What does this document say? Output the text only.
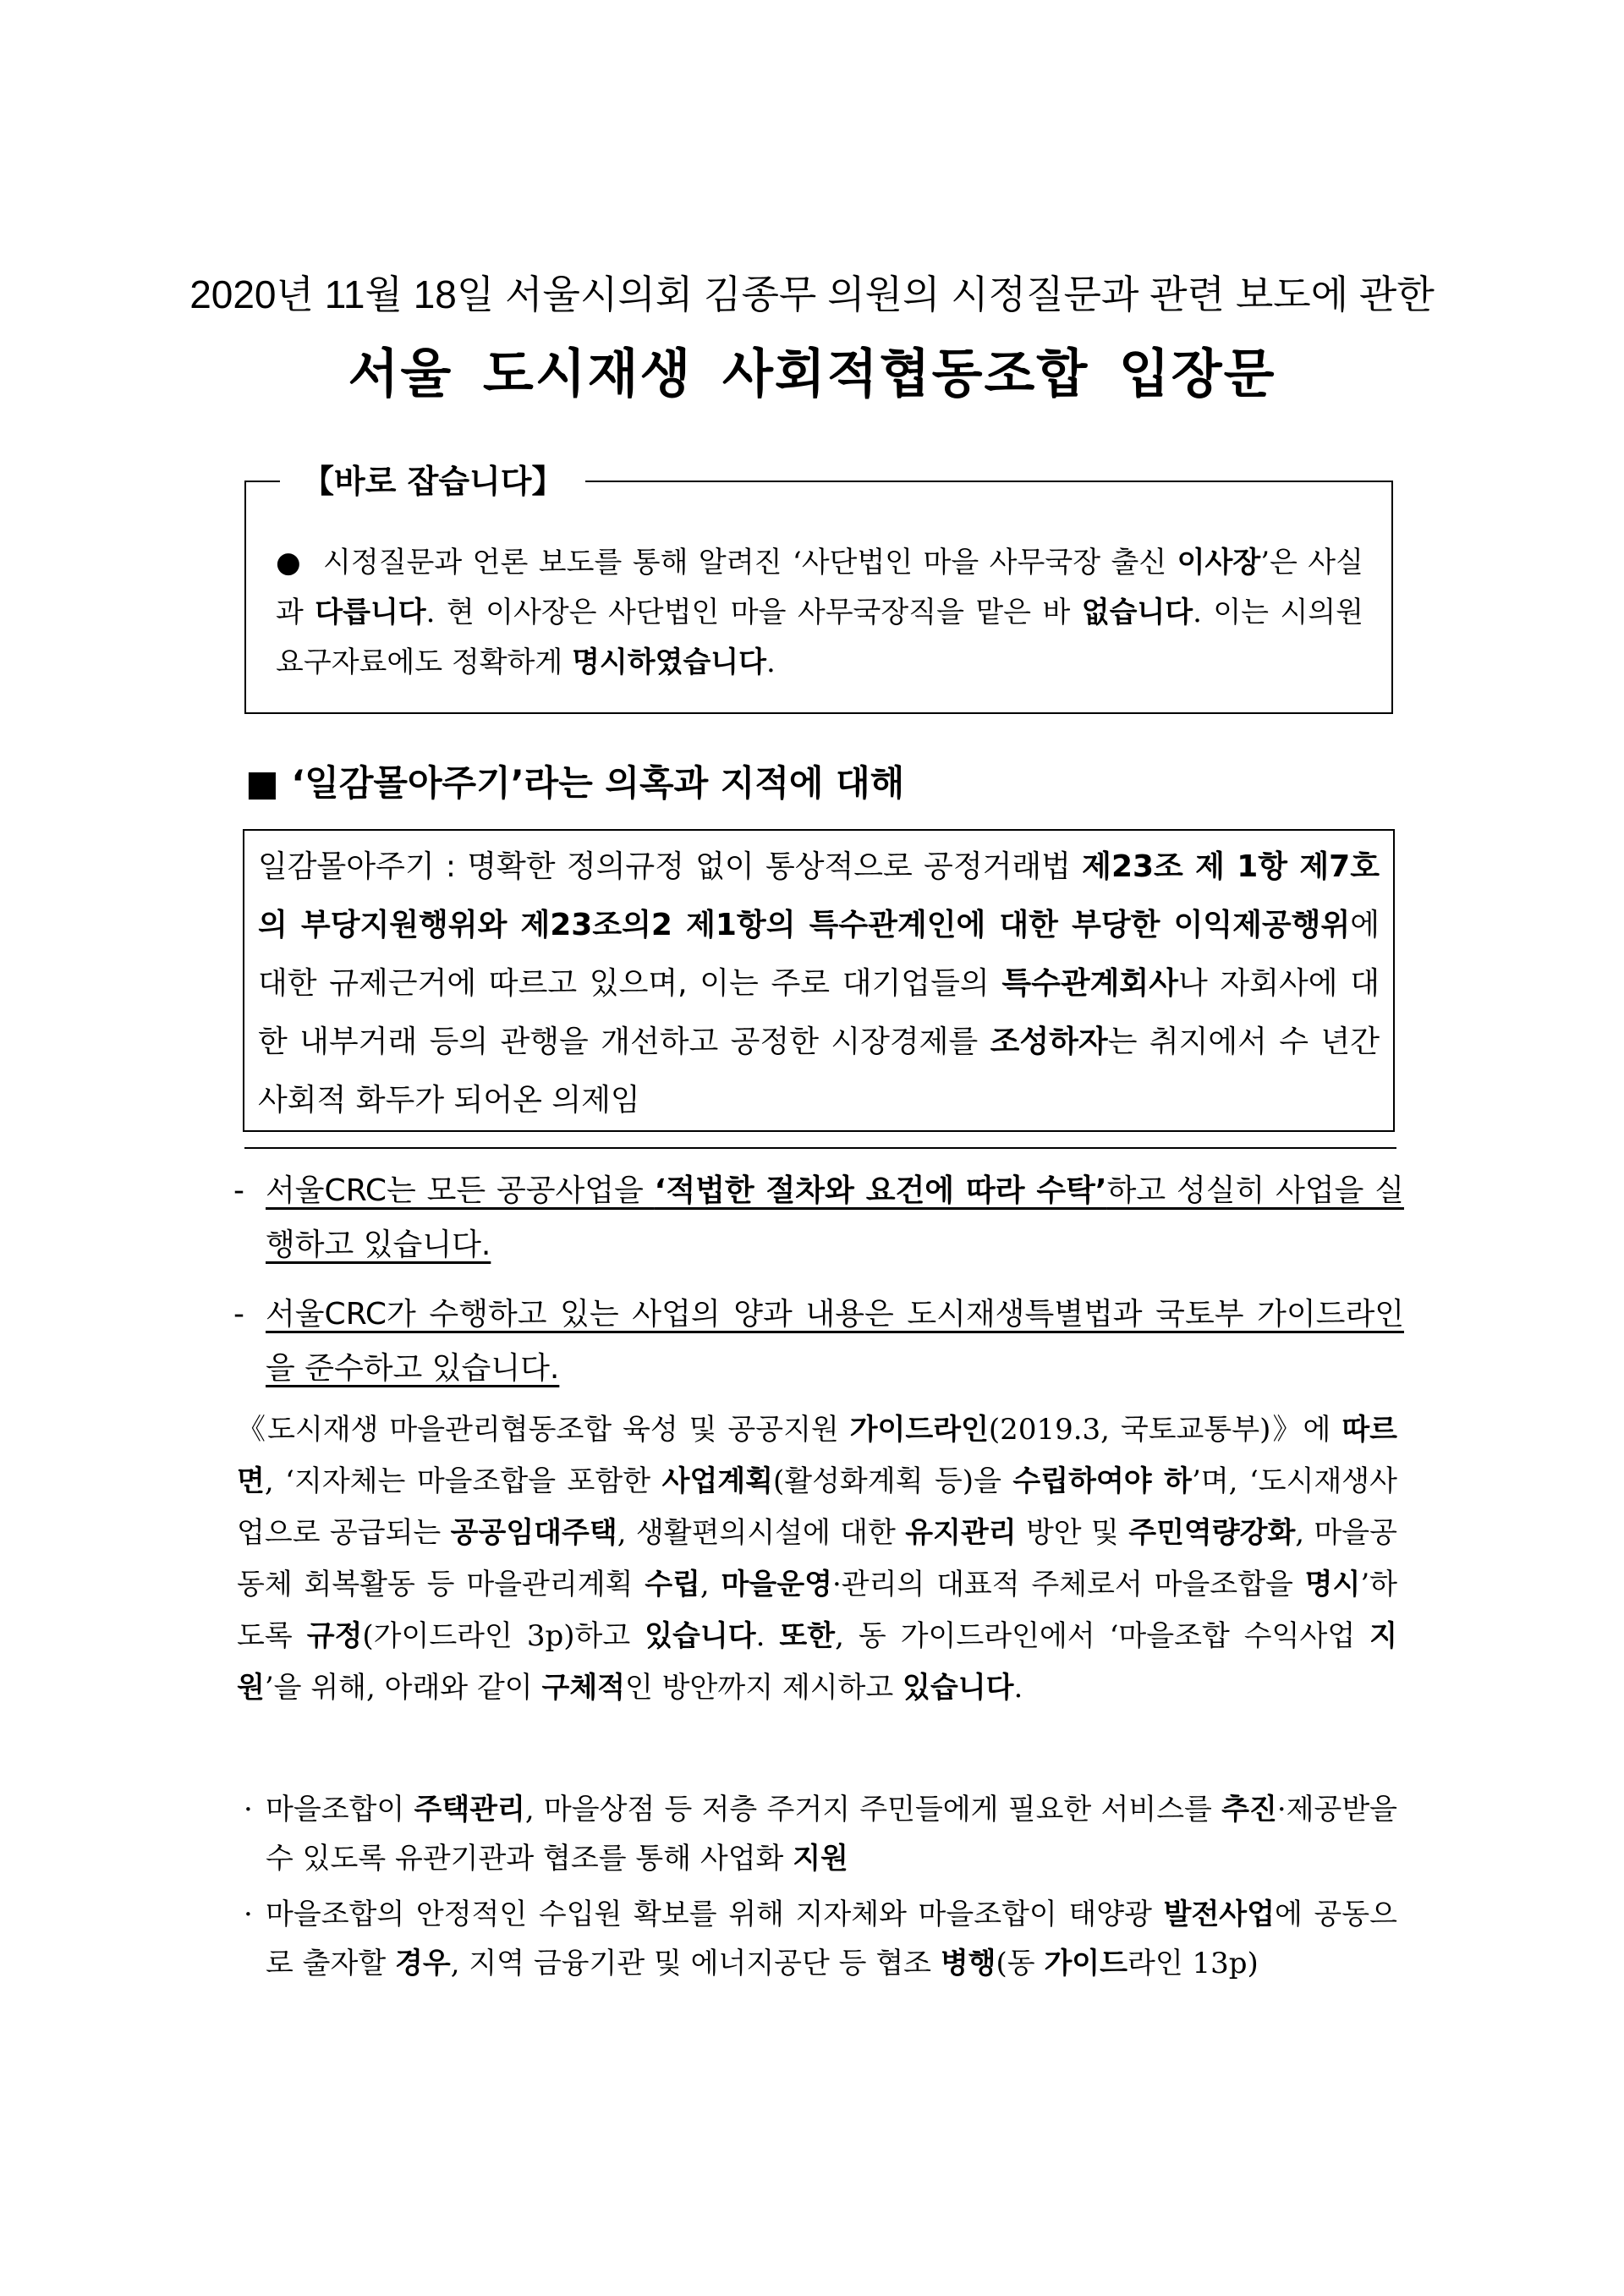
2020년 11월 18일 서울시의회 김종무 의원의 시정질문과 관련 보도에 관한
서울 도시재생 사회적협동조합 입장문
【바로 잡습니다】
● 시정질문과 언론 보도를 통해 알려진 ‘사단법인 마을 사무국장 출신 이사장’은 사실과 다릅니다. 현 이사장은 사단법인 마을 사무국장직을 맡은 바 없습니다. 이는 시의원 요구자료에도 정확하게 명시하였습니다.
■ ‘일감몰아주기’라는 의혹과 지적에 대해
일감몰아주기 : 명확한 정의규정 없이 통상적으로 공정거래법 제23조 제 1항 제7호의 부당지원행위와 제23조의2 제1항의 특수관계인에 대한 부당한 이익제공행위에 대한 규제근거에 따르고 있으며, 이는 주로 대기업들의 특수관계회사나 자회사에 대한 내부거래 등의 관행을 개선하고 공정한 시장경제를 조성하자는 취지에서 수 년간 사회적 화두가 되어온 의제임
- 서울CRC는 모든 공공사업을 ‘적법한 절차와 요건에 따라 수탁’하고 성실히 사업을 실행하고 있습니다.
- 서울CRC가 수행하고 있는 사업의 양과 내용은 도시재생특별법과 국토부 가이드라인을 준수하고 있습니다.
《도시재생 마을관리협동조합 육성 및 공공지원 가이드라인(2019.3, 국토교통부)》에 따르면, ‘지자체는 마을조합을 포함한 사업계획(활성화계획 등)을 수립하여야 하’며, ‘도시재생사업으로 공급되는 공공임대주택, 생활편의시설에 대한 유지관리 방안 및 주민역량강화, 마을공동체 회복활동 등 마을관리계획 수립, 마을운영·관리의 대표적 주체로서 마을조합을 명시’하도록 규정(가이드라인 3p)하고 있습니다. 또한, 동 가이드라인에서 ‘마을조합 수익사업 지원’을 위해, 아래와 같이 구체적인 방안까지 제시하고 있습니다.
· 마을조합이 주택관리, 마을상점 등 저층 주거지 주민들에게 필요한 서비스를 추진·제공받을 수 있도록 유관기관과 협조를 통해 사업화 지원
· 마을조합의 안정적인 수입원 확보를 위해 지자체와 마을조합이 태양광 발전사업에 공동으로 출자할 경우, 지역 금융기관 및 에너지공단 등 협조 병행(동 가이드라인 13p)
